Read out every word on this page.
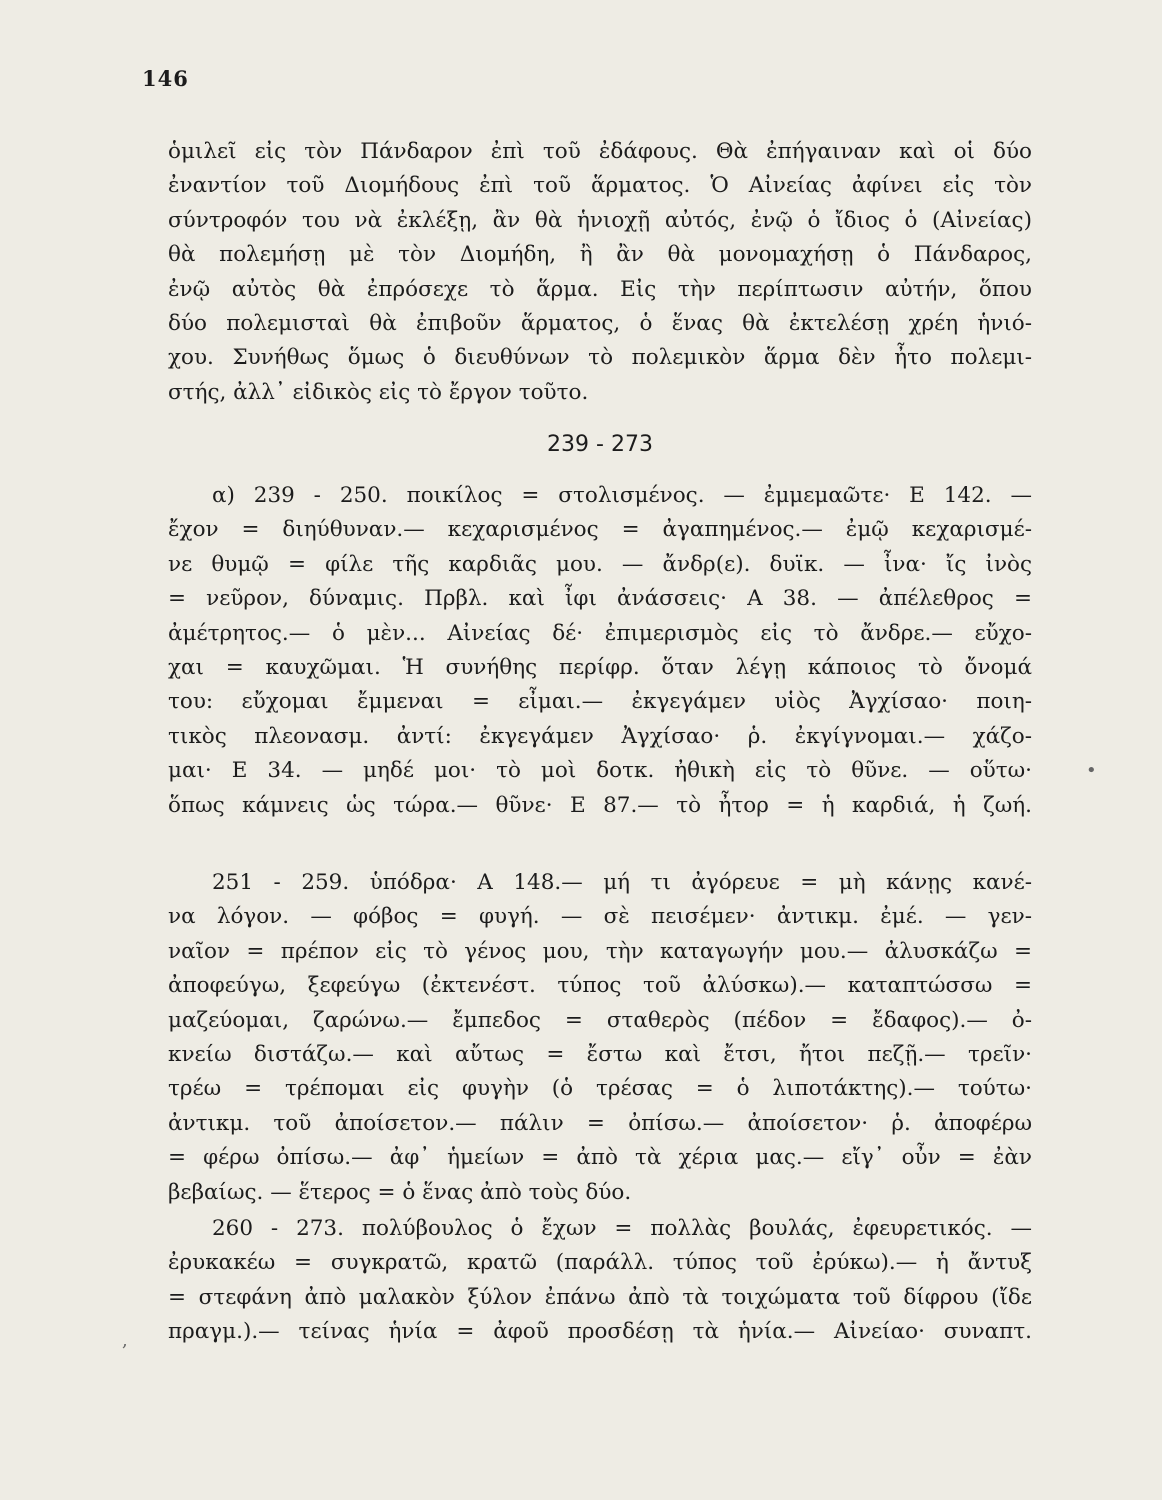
146
ὁμιλεῖ εἰς τὸν Πάνδαρον ἐπὶ τοῦ ἐδάφους. Θὰ ἐπήγαιναν καὶ οἱ δύο
ἐναντίον τοῦ Διομήδους ἐπὶ τοῦ ἅρματος. Ὁ Αἰνείας ἀφίνει εἰς τὸν
σύντροφόν του νὰ ἐκλέξῃ, ἂν θὰ ἡνιοχῇ αὐτός, ἐνῷ ὁ ἴδιος ὁ (Αἰνείας)
θὰ πολεμήσῃ μὲ τὸν Διομήδη, ἢ ἂν θὰ μονομαχήσῃ ὁ Πάνδαρος,
ἐνῷ αὐτὸς θὰ ἐπρόσεχε τὸ ἅρμα. Εἰς τὴν περίπτωσιν αὐτήν, ὅπου
δύο πολεμισταὶ θὰ ἐπιβοῦν ἅρματος, ὁ ἕνας θὰ ἐκτελέσῃ χρέη ἡνιό-
χου. Συνήθως ὅμως ὁ διευθύνων τὸ πολεμικὸν ἅρμα δὲν ἦτο πολεμι-
στής, ἀλλ᾽ εἰδικὸς εἰς τὸ ἔργον τοῦτο.
239 - 273
α) 239 - 250. ποικίλος = στολισμένος. — ἐμμεμαῶτε· Ε 142. —
ἔχον = διηύθυναν.— κεχαρισμένος = ἀγαπημένος.— ἐμῷ κεχαρισμέ-
νε θυμῷ = φίλε τῆς καρδιᾶς μου. — ἄνδρ(ε). δυϊκ. — ἶνα· ἴς ἰνὸς
= νεῦρον, δύναμις. Πρβλ. καὶ ἶφι ἀνάσσεις· Α 38. — ἀπέλεθρος =
ἀμέτρητος.— ὁ μὲν... Αἰνείας δέ· ἐπιμερισμὸς εἰς τὸ ἄνδρε.— εὔχο-
χαι = καυχῶμαι. Ἡ συνήθης περίφρ. ὅταν λέγῃ κάποιος τὸ ὄνομά
του: εὔχομαι ἔμμεναι = εἶμαι.— ἐκγεγάμεν υἱὸς Ἀγχίσαο· ποιη-
τικὸς πλεονασμ. ἀντί: ἐκγεγάμεν Ἀγχίσαο· ῥ. ἐκγίγνομαι.— χάζο-
μαι· Ε 34. — μηδέ μοι· τὸ μοὶ δοτκ. ἠθικὴ εἰς τὸ θῦνε. — οὕτω·
ὅπως κάμνεις ὡς τώρα.— θῦνε· Ε 87.— τὸ ἦτορ = ἡ καρδιά, ἡ ζωή.
251 - 259. ὑπόδρα· Α 148.— μή τι ἀγόρευε = μὴ κάνῃς κανέ-
να λόγον. — φόβος = φυγή. — σὲ πεισέμεν· ἀντικμ. ἐμέ. — γεν-
ναῖον = πρέπον εἰς τὸ γένος μου, τὴν καταγωγήν μου.— ἀλυσκάζω =
ἀποφεύγω, ξεφεύγω (ἐκτενέστ. τύπος τοῦ ἀλύσκω).— καταπτώσσω =
μαζεύομαι, ζαρώνω.— ἔμπεδος = σταθερὸς (πέδον = ἔδαφος).— ὀ-
κνείω διστάζω.— καὶ αὔτως = ἔστω καὶ ἔτσι, ἤτοι πεζῇ.— τρεῖν·
τρέω = τρέπομαι εἰς φυγὴν (ὁ τρέσας = ὁ λιποτάκτης).— τούτω·
ἀντικμ. τοῦ ἀποίσετον.— πάλιν = ὀπίσω.— ἀποίσετον· ῥ. ἀποφέρω
= φέρω ὀπίσω.— ἀφ᾽ ἡμείων = ἀπὸ τὰ χέρια μας.— εἴγ᾽ οὖν = ἐὰν
βεβαίως. — ἕτερος = ὁ ἕνας ἀπὸ τοὺς δύο.
260 - 273. πολύβουλος ὁ ἔχων = πολλὰς βουλάς, ἐφευρετικός. —
ἐρυκακέω = συγκρατῶ, κρατῶ (παράλλ. τύπος τοῦ ἐρύκω).— ἡ ἄντυξ
= στεφάνη ἀπὸ μαλακὸν ξύλον ἐπάνω ἀπὸ τὰ τοιχώματα τοῦ δίφρου (ἴδε
πραγμ.).— τείνας ἡνία = ἀφοῦ προσδέσῃ τὰ ἡνία.— Αἰνείαο· συναπτ.
•
,
